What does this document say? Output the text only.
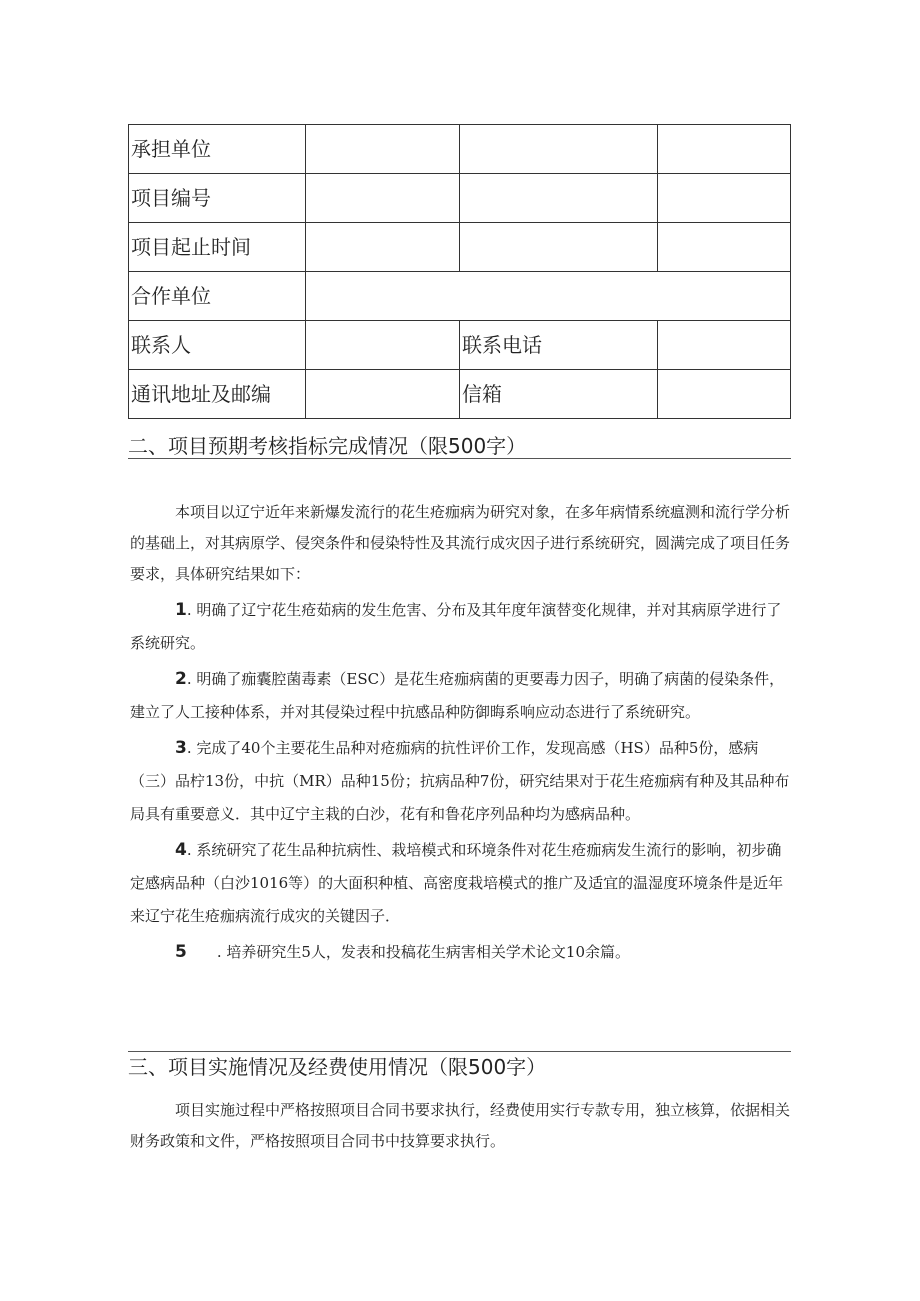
承担单位			
项目编号			
项目起止时间			
合作单位			
联系人		联系电话	
通讯地址及邮编		信箱	
二、项目预期考核指标完成情况（限500字）

本项目以辽宁近年来新爆发流行的花生疮痂病为研究对象，在多年病情系统瘟测和流行学分析的基础上，对其病原学、侵突条件和侵染特性及其流行成灾因子进行系统研究，圆满完成了项目任务要求，具体研究结果如下：

1. 明确了辽宁花生疮茹病的发生危害、分布及其年度年演替变化规律，并对其病原学进行了系统研究。

2. 明确了痂囊腔菌毒素（ESC）是花生疮痂病菌的更要毒力因子，明确了病菌的侵染条件，建立了人工接种体系，并对其侵染过程中抗感品种防御晦系响应动态进行了系统研究。

3. 完成了40个主要花生品种对疮痂病的抗性评价工作，发现高感（HS）品种5份，感病（三）品柠13份，中抗（MR）品种15份；抗病品种7份，研究结果对于花生疮痂病有种及其品种布局具有重要意义．其中辽宁主栽的白沙，花有和鲁花序列品种均为感病品种。

4. 系统研究了花生品种抗病性、栽培模式和环境条件对花生疮痂病发生流行的影响，初步确定感病品种（白沙1016等）的大面积种植、高密度栽培模式的推广及适宜的温湿度环境条件是近年来辽宁花生疮痂病流行成灾的关键因子．

5 . 培养研究生5人，发表和投稿花生病害相关学术论文10余篇。

三、项目实施情况及经费使用情况（限500字）

项目实施过程中严格按照项目合同书要求执行，经费使用实行专款专用，独立核算，依据相关财务政策和文件，严格按照项目合同书中技算要求执行。
